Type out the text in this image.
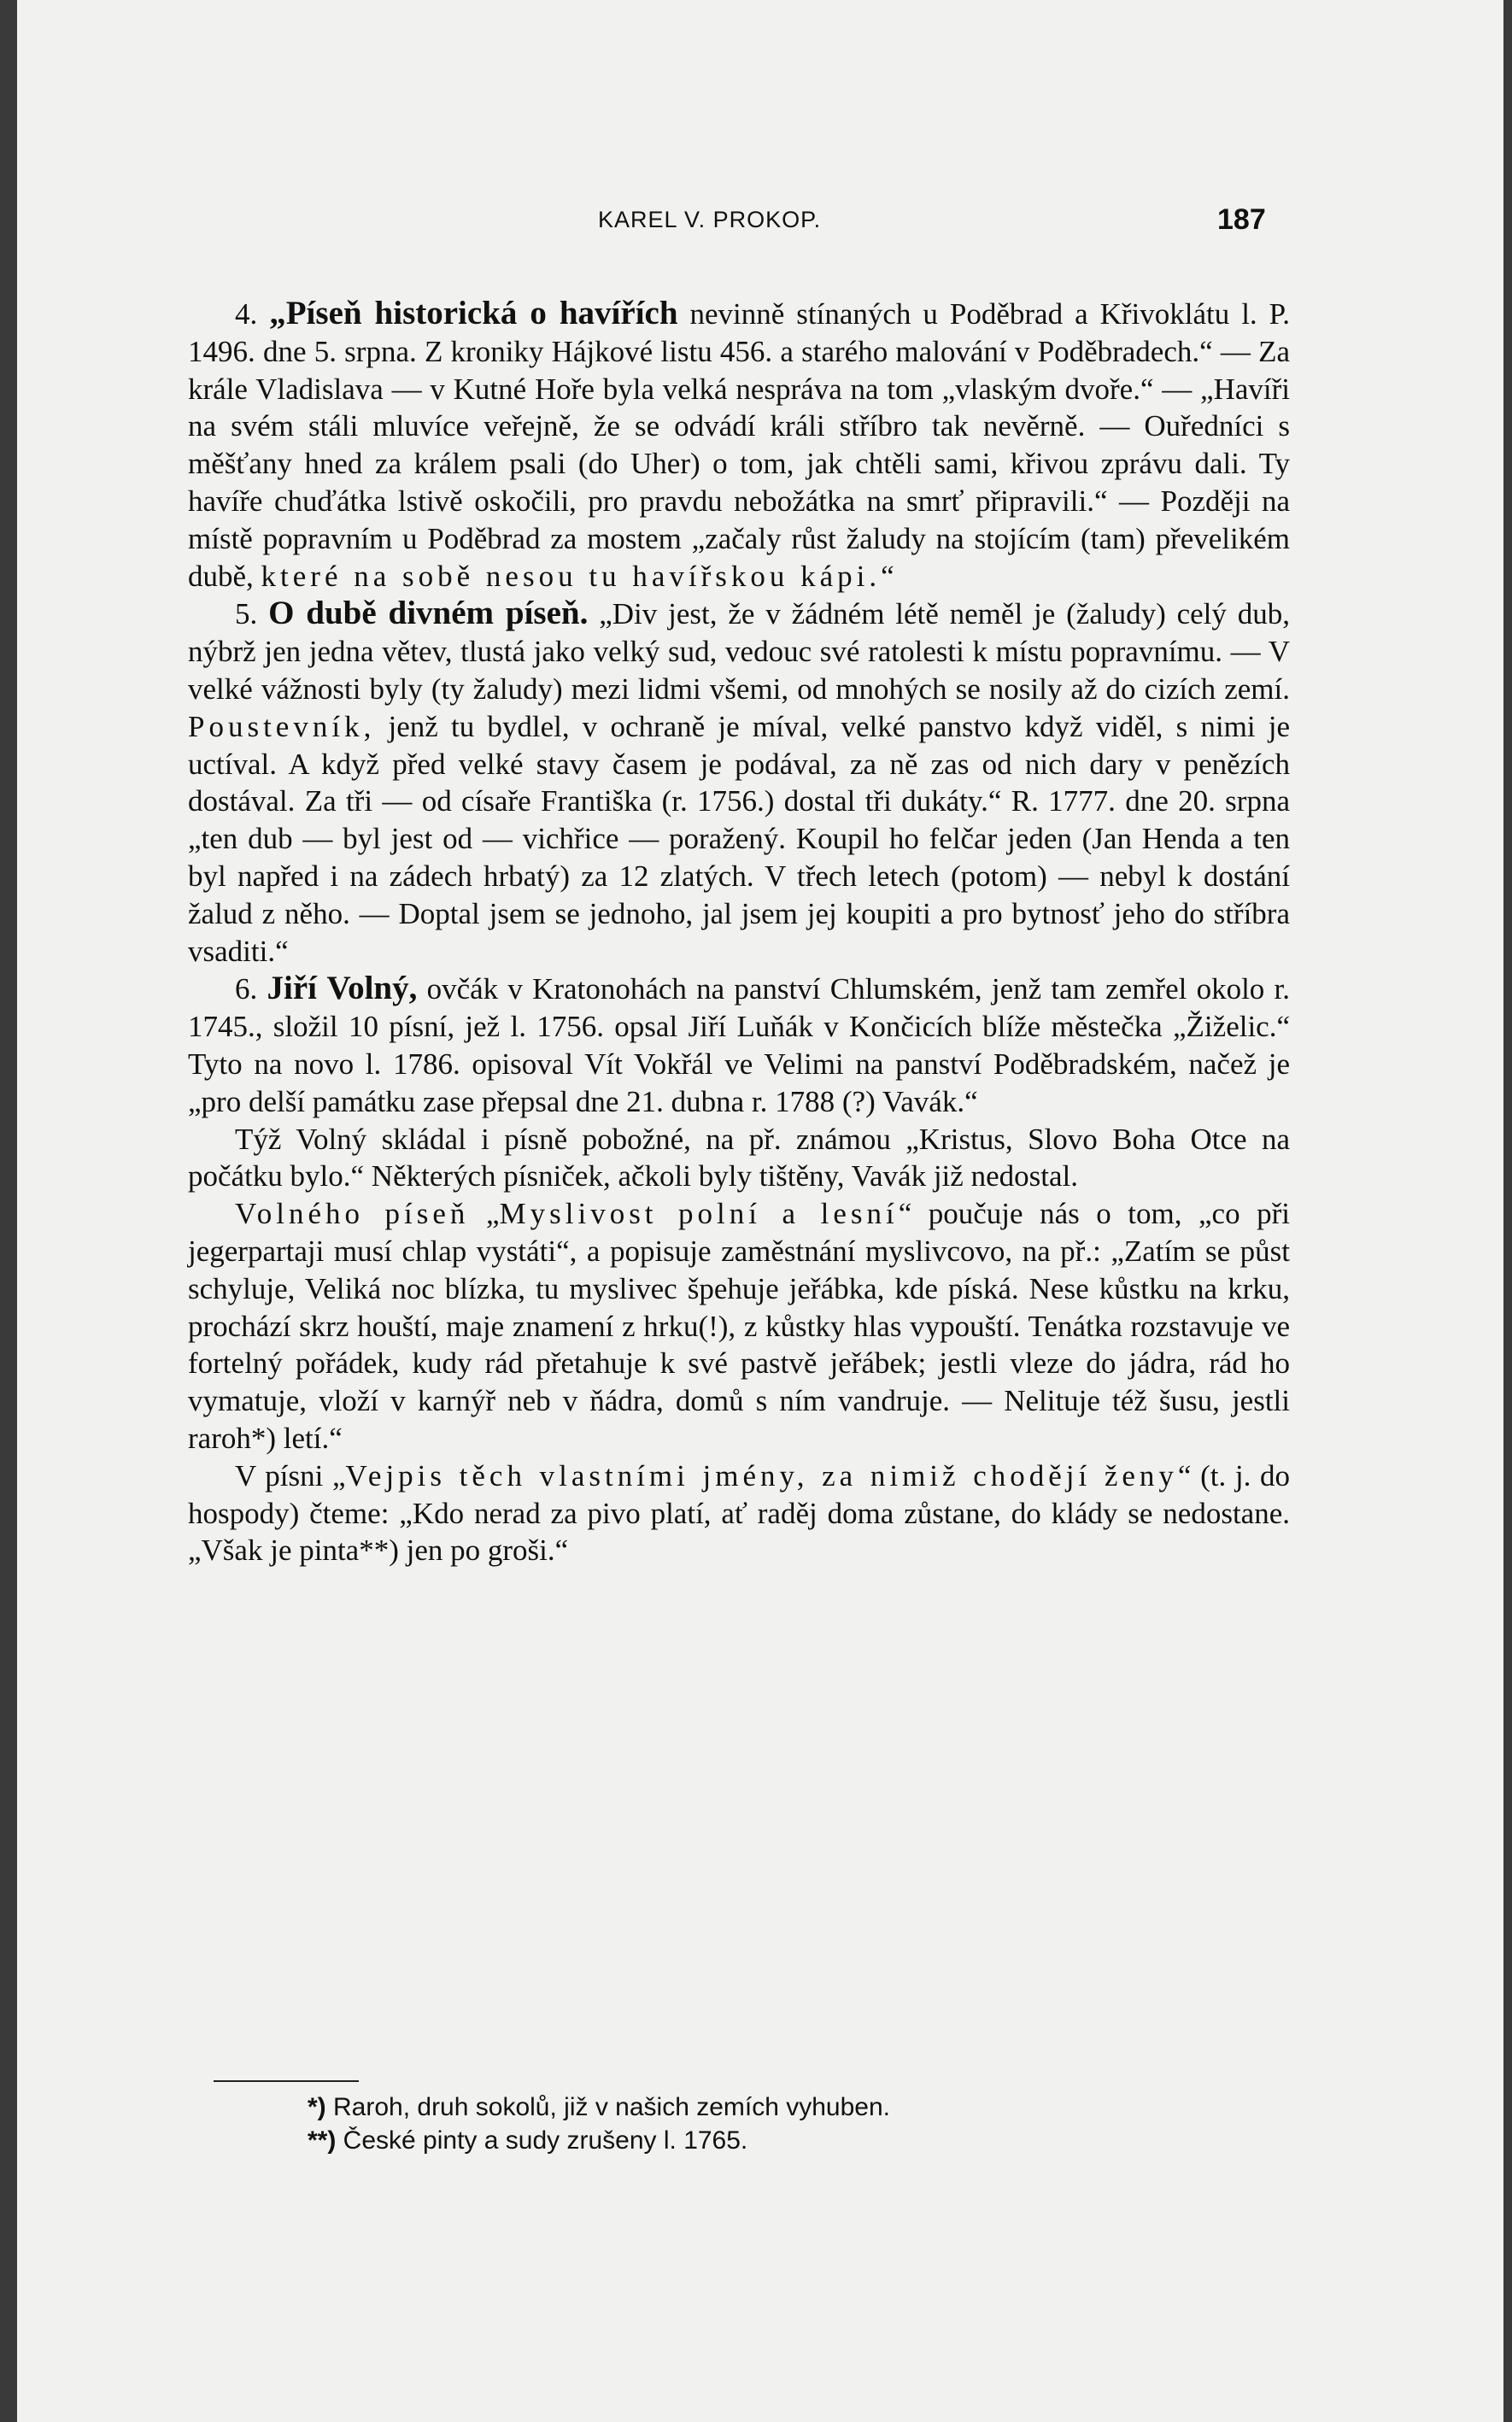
KAREL V. PROKOP.	187

4. „Píseň historická o havířích nevinně stínaných u Poděbrad a Křivoklátu l. P. 1496. dne 5. srpna. Z kroniky Hájkové listu 456. a starého malování v Poděbradech.“ — Za krále Vladislava — v Kutné Hoře byla velká nespráva na tom „vlaským dvoře.“ — „Havíři na svém stáli mluvíce veřejně, že se odvádí králi stříbro tak nevěrně. — Ouředníci s měšťany hned za králem psali (do Uher) o tom, jak chtěli sami, křivou zprávu dali. Ty havíře chuďátka lstivě oskočili, pro pravdu nebožátka na smrť připravili.“ — Později na místě popravním u Poděbrad za mostem „začaly růst žaludy na stojícím (tam) převelikém dubě, které na sobě nesou tu havířskou kápi.“

5. O dubě divném píseň. „Div jest, že v žádném létě neměl je (žaludy) celý dub, nýbrž jen jedna větev, tlustá jako velký sud, vedouc své ratolesti k místu popravnímu. — V velké vážnosti byly (ty žaludy) mezi lidmi všemi, od mnohých se nosily až do cizích zemí. Poustevník, jenž tu bydlel, v ochraně je míval, velké panstvo když viděl, s nimi je uctíval. A když před velké stavy časem je podával, za ně zas od nich dary v penězích dostával. Za tři — od císaře Františka (r. 1756.) dostal tři dukáty.“ R. 1777. dne 20. srpna „ten dub — byl jest od — vichřice — poražený. Koupil ho felčar jeden (Jan Henda a ten byl napřed i na zádech hrbatý) za 12 zlatých. V třech letech (potom) — nebyl k dostání žalud z něho. — Doptal jsem se jednoho, jal jsem jej koupiti a pro bytnosť jeho do stříbra vsaditi.“

6. Jiří Volný, ovčák v Kratonohách na panství Chlumském, jenž tam zemřel okolo r. 1745., složil 10 písní, jež l. 1756. opsal Jiří Luňák v Končicích blíže městečka „Žiželic.“ Tyto na novo l. 1786. opisoval Vít Vokřál ve Velimi na panství Poděbradském, načež je „pro delší památku zase přepsal dne 21. dubna r. 1788 (?) Vavák.“

Týž Volný skládal i písně pobožné, na př. známou „Kristus, Slovo Boha Otce na počátku bylo.“ Některých písniček, ačkoli byly tištěny, Vavák již nedostal.

Volného píseň „Myslivost polní a lesní“ poučuje nás o tom, „co při jegerpartaji musí chlap vystáti“, a popisuje zaměstnání myslivcovo, na př.: „Zatím se půst schyluje, Veliká noc blízka, tu myslivec špehuje jeřábka, kde píská. Nese kůstku na krku, prochází skrz houští, maje znamení z hrku(!), z kůstky hlas vypouští. Tenátka rozstavuje ve fortelný pořádek, kudy rád přetahuje k své pastvě jeřábek; jestli vleze do jádra, rád ho vymatuje, vloží v karnýř neb v ňádra, domů s ním vandruje. — Nelituje též šusu, jestli raroh*) letí.“

V písni „Vejpis těch vlastními jmény, za nimiž chodějí ženy“ (t. j. do hospody) čteme: „Kdo nerad za pivo platí, ať raděj doma zůstane, do klády se nedostane. „Však je pinta**) jen po groši.“

*) Raroh, druh sokolů, již v našich zemích vyhuben.

**) České pinty a sudy zrušeny l. 1765.
